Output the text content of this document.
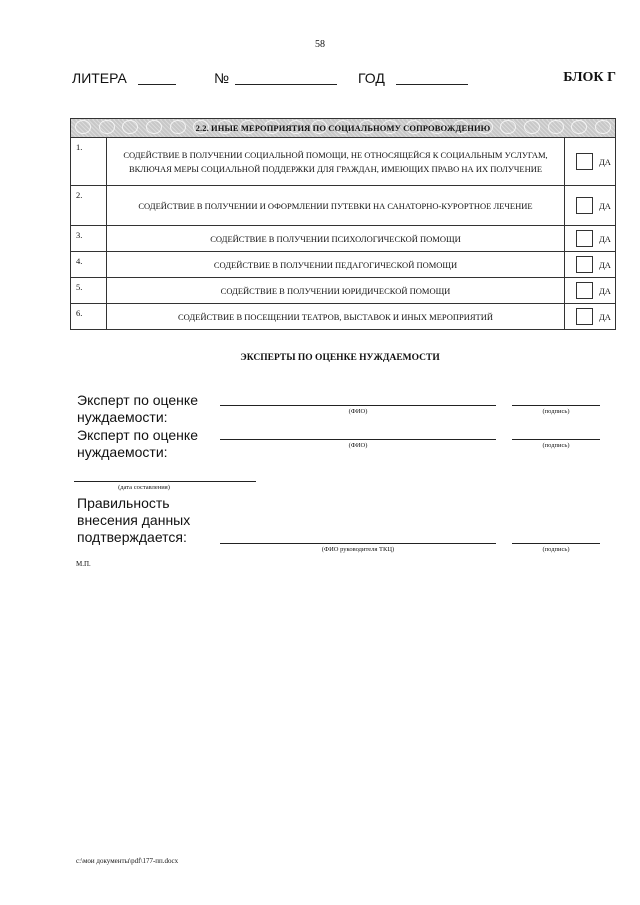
58
ЛИТЕРА	№	ГОД	БЛОК Г
2.2. ИНЫЕ МЕРОПРИЯТИЯ ПО СОЦИАЛЬНОМУ СОПРОВОЖДЕНИЮ		
1.	СОДЕЙСТВИЕ В ПОЛУЧЕНИИ СОЦИАЛЬНОЙ ПОМОЩИ, НЕ ОТНОСЯЩЕЙСЯ К СОЦИАЛЬНЫМ УСЛУГАМ, ВКЛЮЧАЯ МЕРЫ СОЦИАЛЬНОЙ ПОДДЕРЖКИ ДЛЯ ГРАЖДАН, ИМЕЮЩИХ ПРАВО НА ИХ ПОЛУЧЕНИЕ	ДА

2.	СОДЕЙСТВИЕ В ПОЛУЧЕНИИ И ОФОРМЛЕНИИ ПУТЕВКИ НА САНАТОРНО-КУРОРТНОЕ ЛЕЧЕНИЕ	ДА

3.	СОДЕЙСТВИЕ В ПОЛУЧЕНИИ ПСИХОЛОГИЧЕСКОЙ ПОМОЩИ	ДА

4.	СОДЕЙСТВИЕ В ПОЛУЧЕНИИ ПЕДАГОГИЧЕСКОЙ ПОМОЩИ	ДА

5.	СОДЕЙСТВИЕ В ПОЛУЧЕНИИ ЮРИДИЧЕСКОЙ ПОМОЩИ	ДА

6.	СОДЕЙСТВИЕ В ПОСЕЩЕНИИ ТЕАТРОВ, ВЫСТАВОК И ИНЫХ МЕРОПРИЯТИЙ	ДА
ЭКСПЕРТЫ ПО ОЦЕНКЕ НУЖДАЕМОСТИ
Эксперт по оценке нуждаемости:	(ФИО)	(подпись)
Эксперт по оценке нуждаемости:	(ФИО)	(подпись)
(дата составления)
Правильность внесения данных подтверждается:
(ФИО руководителя ТКЦ)	(подпись)
М.П.
c:\мои документы\pdf\177-пп.docx
